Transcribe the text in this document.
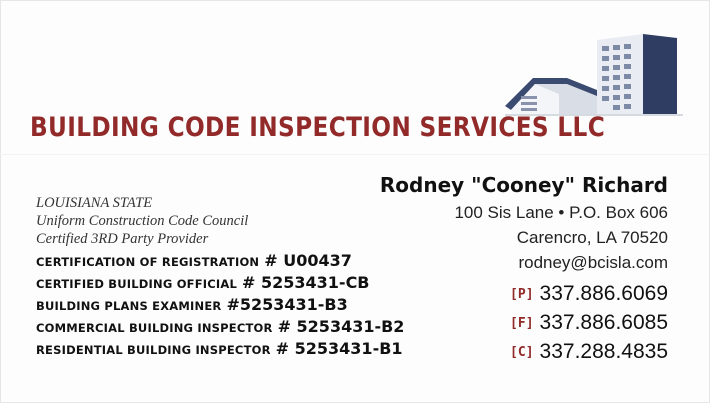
BUILDING CODE INSPECTION SERVICES LLC
LOUISIANA STATE
Uniform Construction Code Council
Certified 3RD Party Provider
CERTIFICATION OF REGISTRATION # U00437
CERTIFIED BUILDING OFFICIAL # 5253431-CB
BUILDING PLANS EXAMINER #5253431-B3
COMMERCIAL BUILDING INSPECTOR # 5253431-B2
RESIDENTIAL BUILDING INSPECTOR # 5253431-B1
Rodney "Cooney" Richard
100 Sis Lane • P.O. Box 606
Carencro, LA 70520
rodney@bcisla.com
[P] 337.886.6069
[F] 337.886.6085
[C] 337.288.4835
